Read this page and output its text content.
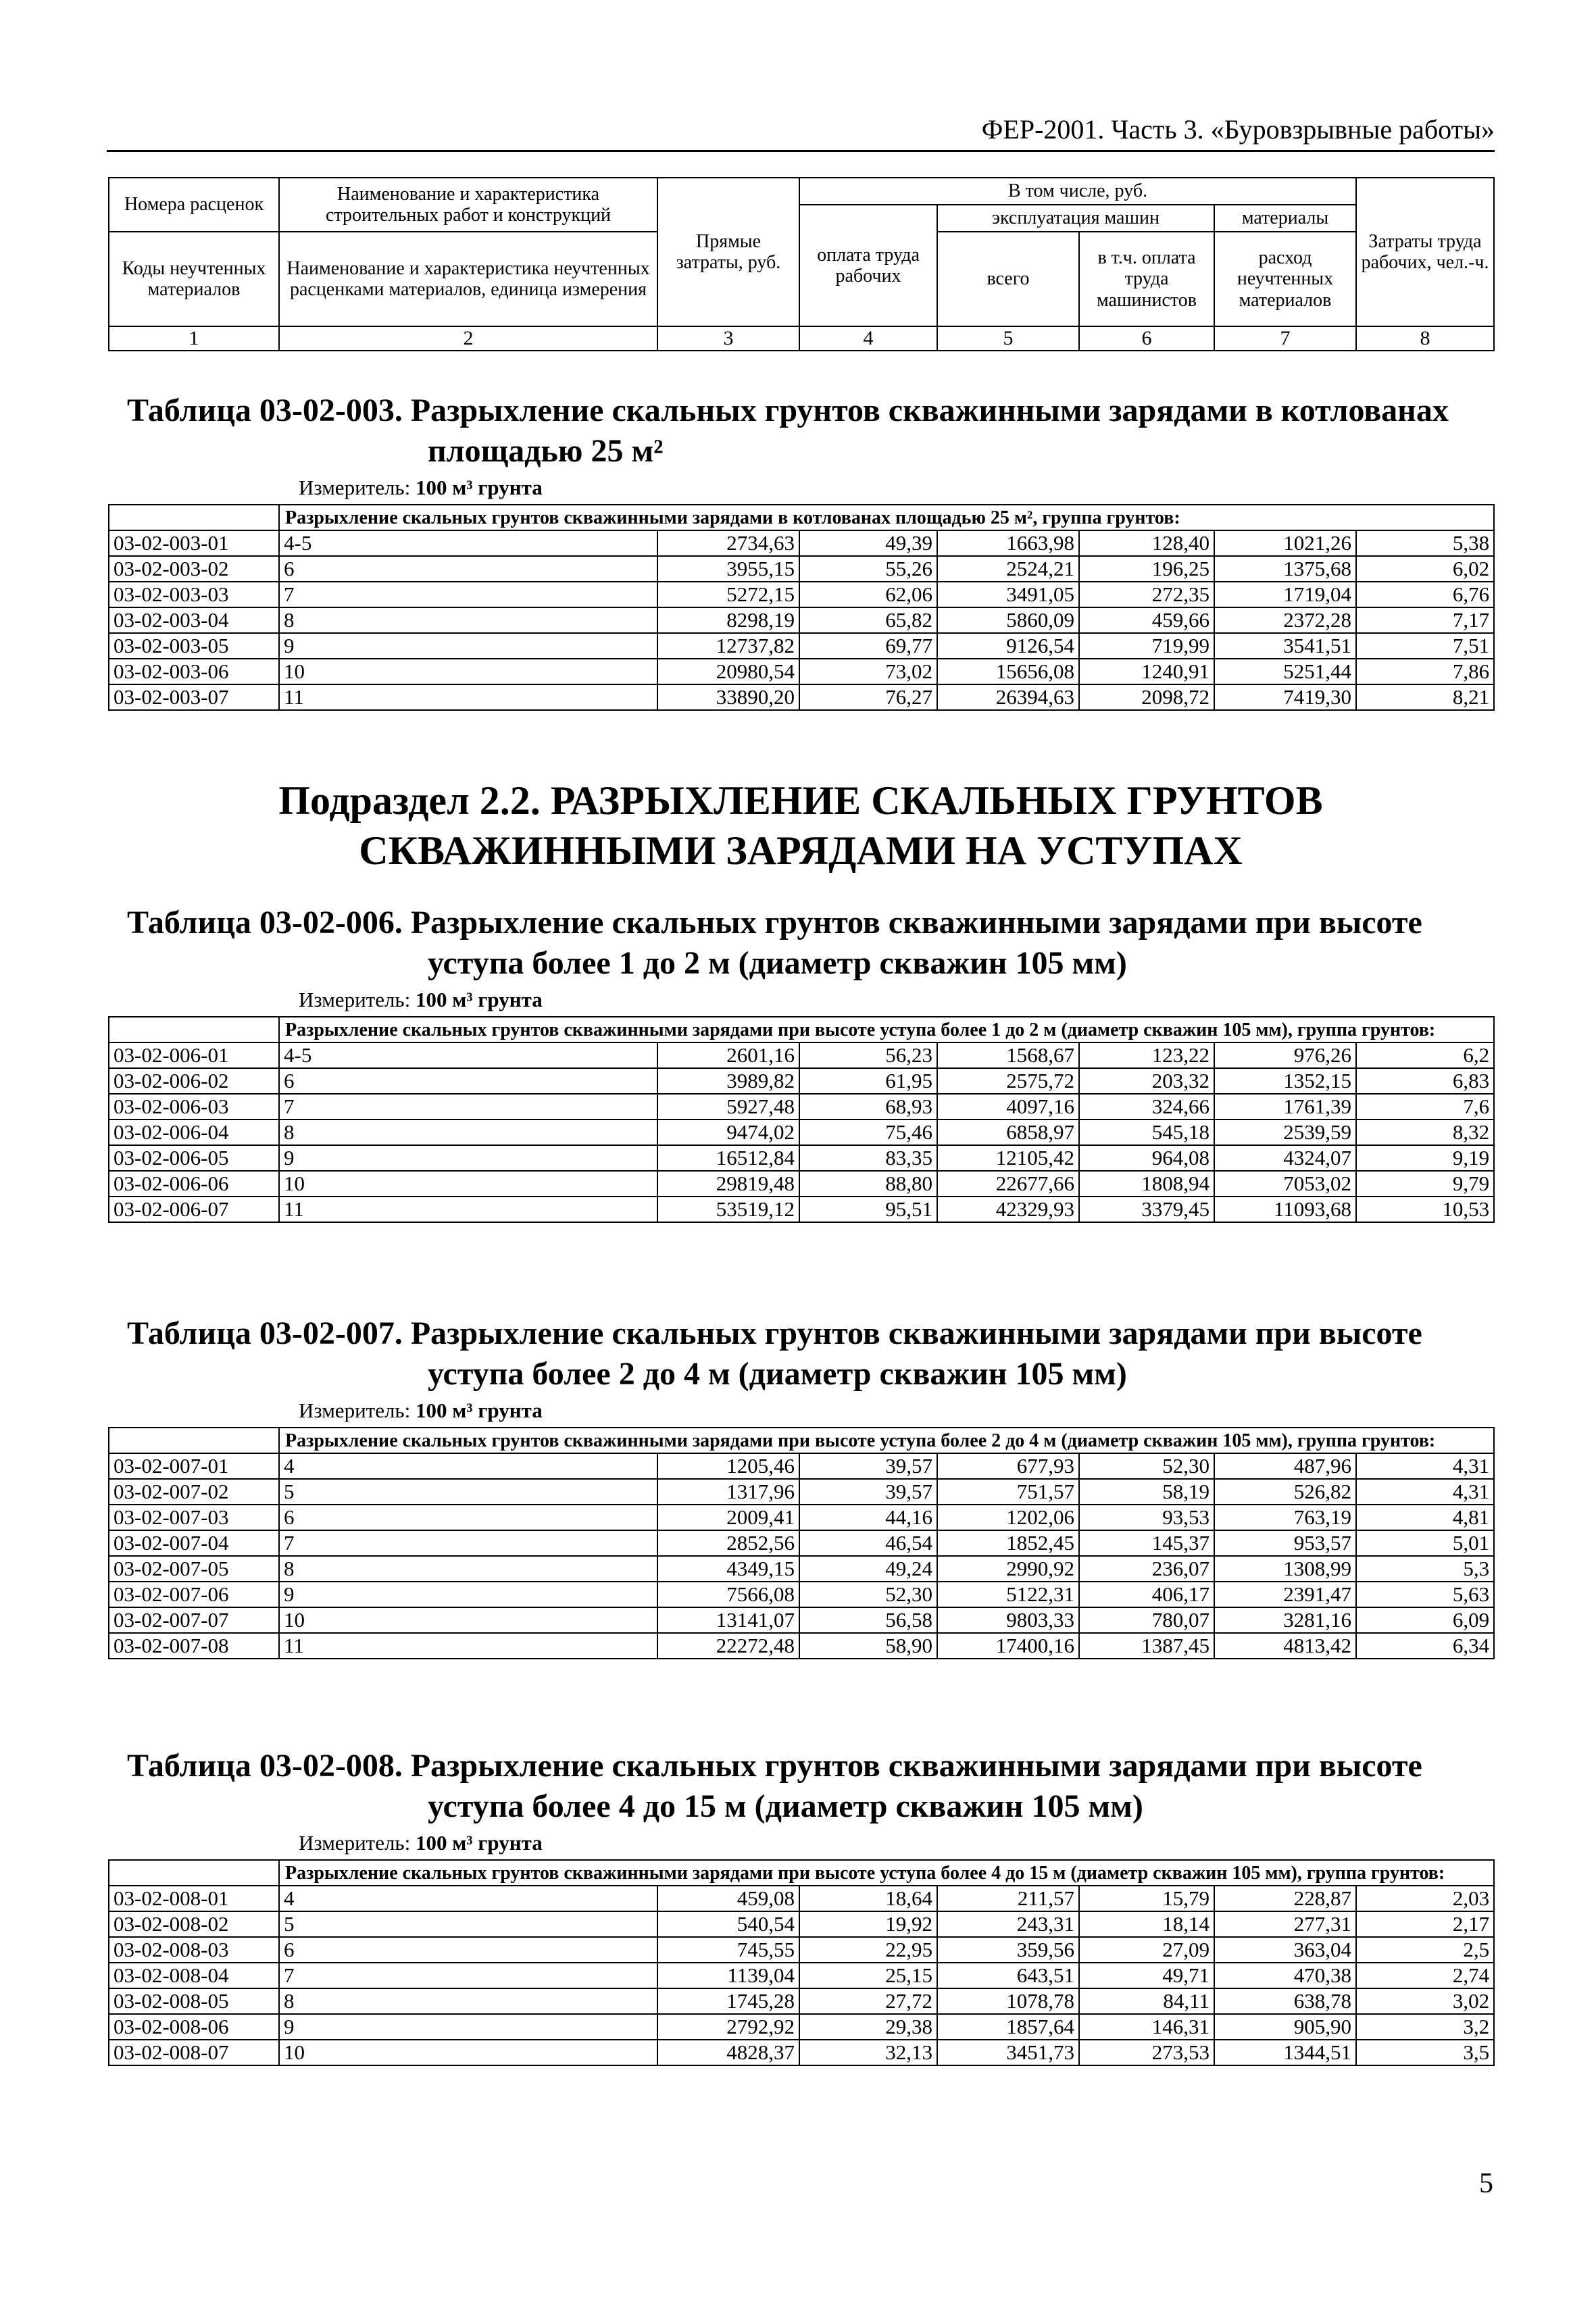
ФЕР-2001. Часть 3. «Буровзрывные работы»
Номера расценок	Наименование и характеристика строительных работ и конструкций	Прямые затраты, руб.	В том числе, руб.				Затраты труда рабочих, чел.-ч.
			оплата труда рабочих	эксплуатация машин		материалы	
Коды неучтенных материалов	Наименование и характеристика неучтенных расценками материалов, единица измерения			всего	в т.ч. оплата труда машинистов	расход неучтенных материалов	

1	2	3	4	5	6	7	8
Таблица 03-02-003. Разрыхление скальных грунтов скважинными зарядами в котлованах
площадью 25 м²
Измеритель: 100 м³ грунта
	Разрыхление скальных грунтов скважинными зарядами в котлованах площадью 25 м², группа грунтов:						
03-02-003-01	4-5	2734,63	49,39	1663,98	128,40	1021,26	5,38
03-02-003-02	6	3955,15	55,26	2524,21	196,25	1375,68	6,02
03-02-003-03	7	5272,15	62,06	3491,05	272,35	1719,04	6,76
03-02-003-04	8	8298,19	65,82	5860,09	459,66	2372,28	7,17
03-02-003-05	9	12737,82	69,77	9126,54	719,99	3541,51	7,51
03-02-003-06	10	20980,54	73,02	15656,08	1240,91	5251,44	7,86
03-02-003-07	11	33890,20	76,27	26394,63	2098,72	7419,30	8,21
Подраздел 2.2. РАЗРЫХЛЕНИЕ СКАЛЬНЫХ ГРУНТОВ СКВАЖИННЫМИ ЗАРЯДАМИ НА УСТУПАХ
Таблица 03-02-006. Разрыхление скальных грунтов скважинными зарядами при высоте
уступа более 1 до 2 м (диаметр скважин 105 мм)
Измеритель: 100 м³ грунта
	Разрыхление скальных грунтов скважинными зарядами при высоте уступа более 1 до 2 м (диаметр скважин 105 мм), группа грунтов:						
03-02-006-01	4-5	2601,16	56,23	1568,67	123,22	976,26	6,2
03-02-006-02	6	3989,82	61,95	2575,72	203,32	1352,15	6,83
03-02-006-03	7	5927,48	68,93	4097,16	324,66	1761,39	7,6
03-02-006-04	8	9474,02	75,46	6858,97	545,18	2539,59	8,32
03-02-006-05	9	16512,84	83,35	12105,42	964,08	4324,07	9,19
03-02-006-06	10	29819,48	88,80	22677,66	1808,94	7053,02	9,79
03-02-006-07	11	53519,12	95,51	42329,93	3379,45	11093,68	10,53
Таблица 03-02-007. Разрыхление скальных грунтов скважинными зарядами при высоте
уступа более 2 до 4 м (диаметр скважин 105 мм)
Измеритель: 100 м³ грунта
	Разрыхление скальных грунтов скважинными зарядами при высоте уступа более 2 до 4 м (диаметр скважин 105 мм), группа грунтов:						
03-02-007-01	4	1205,46	39,57	677,93	52,30	487,96	4,31
03-02-007-02	5	1317,96	39,57	751,57	58,19	526,82	4,31
03-02-007-03	6	2009,41	44,16	1202,06	93,53	763,19	4,81
03-02-007-04	7	2852,56	46,54	1852,45	145,37	953,57	5,01
03-02-007-05	8	4349,15	49,24	2990,92	236,07	1308,99	5,3
03-02-007-06	9	7566,08	52,30	5122,31	406,17	2391,47	5,63
03-02-007-07	10	13141,07	56,58	9803,33	780,07	3281,16	6,09
03-02-007-08	11	22272,48	58,90	17400,16	1387,45	4813,42	6,34
Таблица 03-02-008. Разрыхление скальных грунтов скважинными зарядами при высоте
уступа более 4 до 15 м (диаметр скважин 105 мм)
Измеритель: 100 м³ грунта
	Разрыхление скальных грунтов скважинными зарядами при высоте уступа более 4 до 15 м (диаметр скважин 105 мм), группа грунтов:						
03-02-008-01	4	459,08	18,64	211,57	15,79	228,87	2,03
03-02-008-02	5	540,54	19,92	243,31	18,14	277,31	2,17
03-02-008-03	6	745,55	22,95	359,56	27,09	363,04	2,5
03-02-008-04	7	1139,04	25,15	643,51	49,71	470,38	2,74
03-02-008-05	8	1745,28	27,72	1078,78	84,11	638,78	3,02
03-02-008-06	9	2792,92	29,38	1857,64	146,31	905,90	3,2
03-02-008-07	10	4828,37	32,13	3451,73	273,53	1344,51	3,5
5
